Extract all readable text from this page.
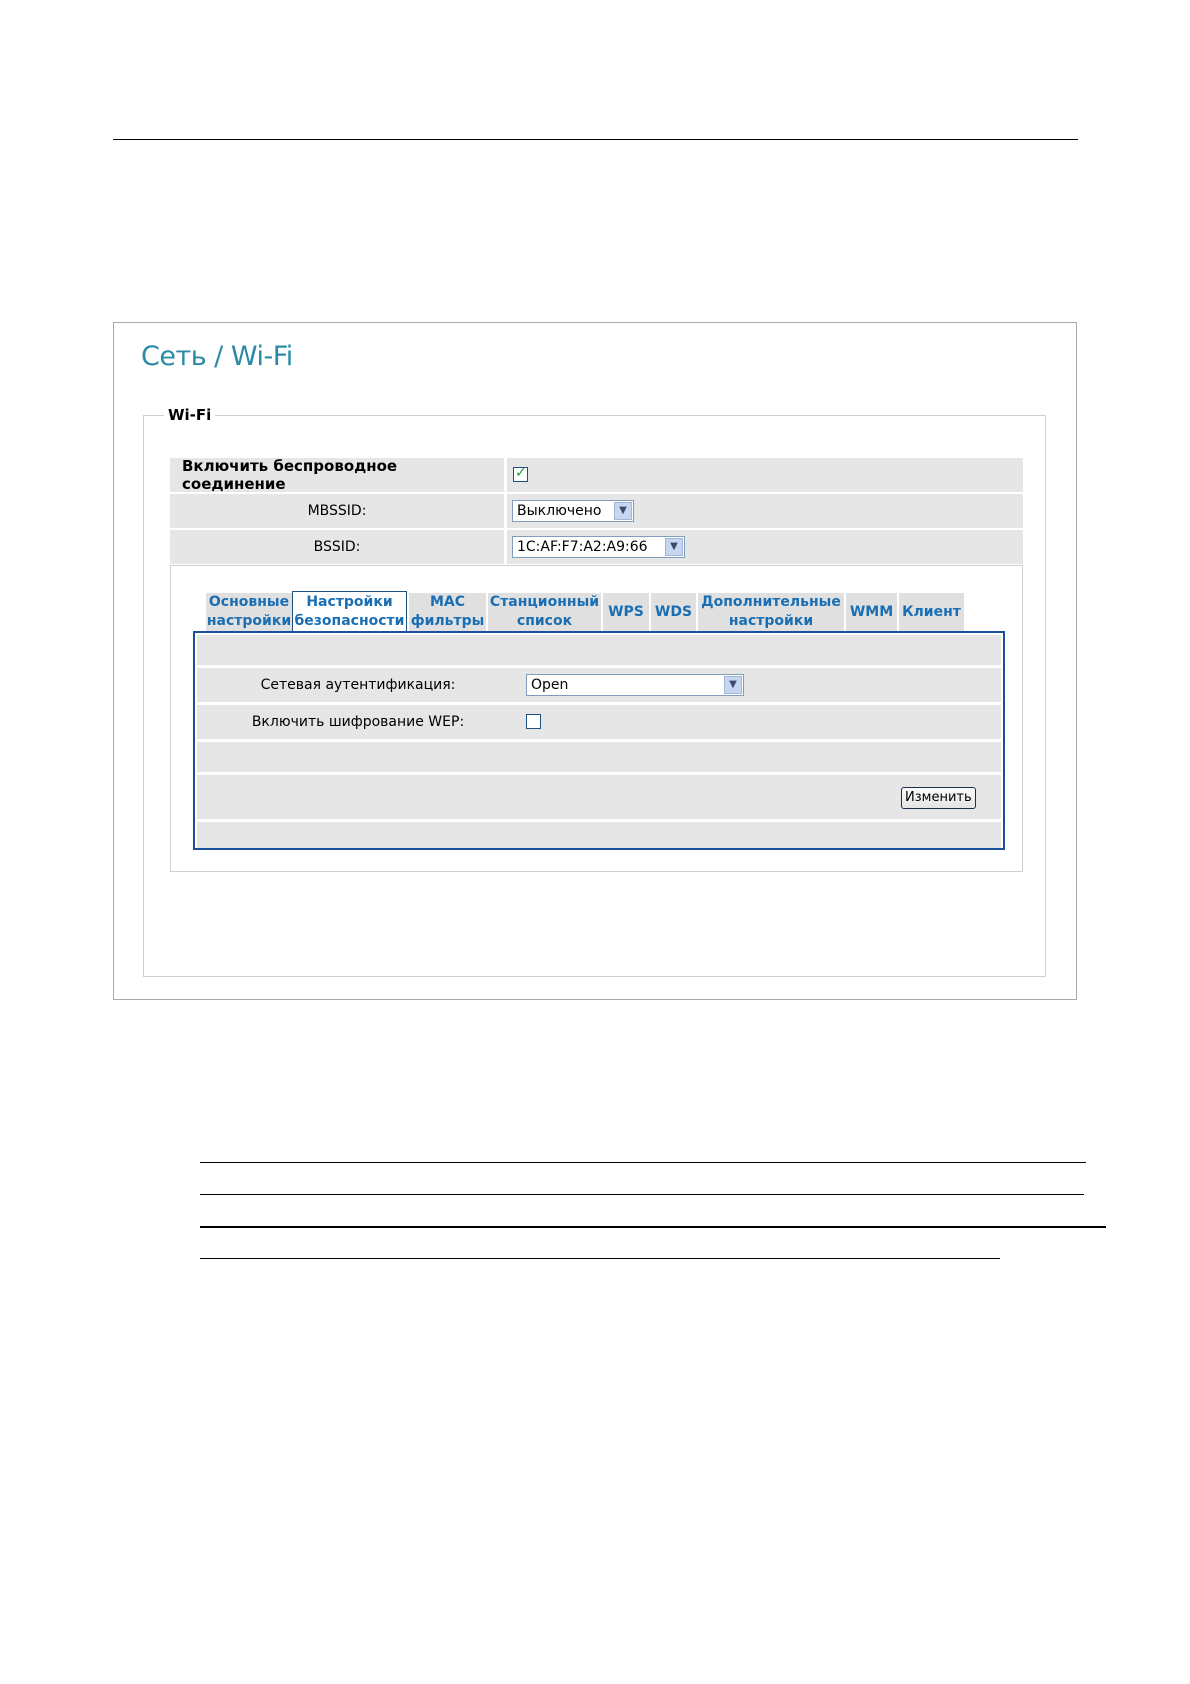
Сеть / Wi-Fi
Wi-Fi
Включить беспроводное соединение
✓
MBSSID:	Выключено	▼
BSSID:	1C:AF:F7:A2:A9:66	▼
Основные
настройки
Настройки
безопасности
MAC
фильтры
Станционный
список
WPS WDS
Дополнительные
настройки
WMM Клиент
Сетевая аутентификация:	Open	▼
Включить шифрование WEP:
Изменить
